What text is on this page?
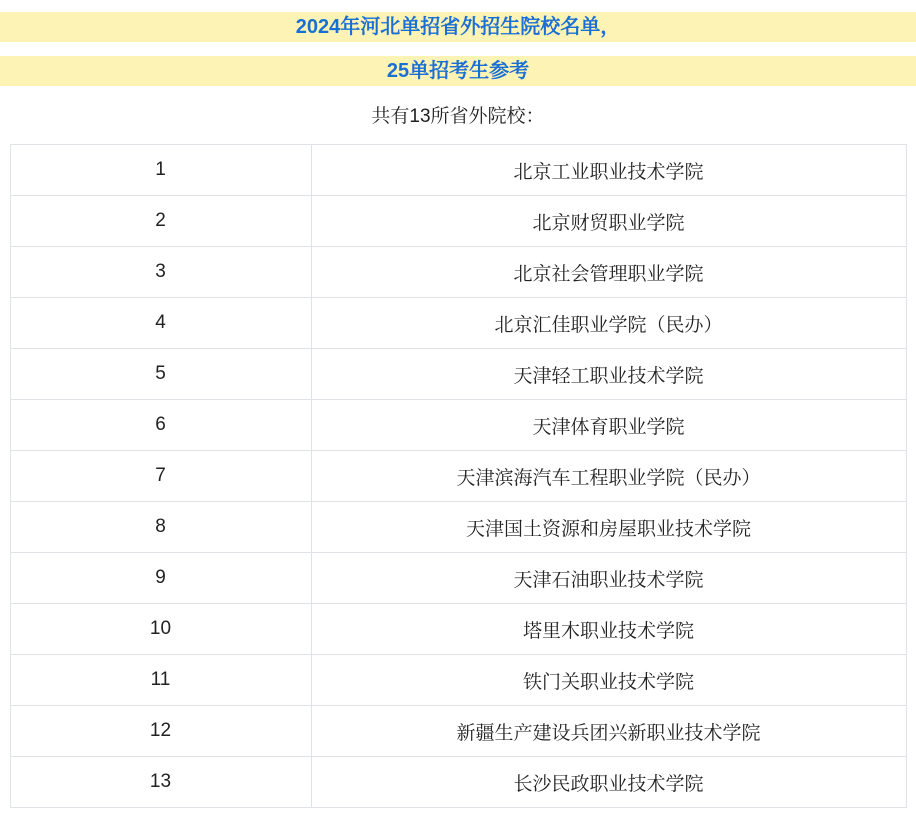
2024年河北单招省外招生院校名单，
25单招考生参考
共有13所省外院校：
1	北京工业职业技术学院
2	北京财贸职业学院
3	北京社会管理职业学院
4	北京汇佳职业学院（民办）
5	天津轻工职业技术学院
6	天津体育职业学院
7	天津滨海汽车工程职业学院（民办）
8	天津国土资源和房屋职业技术学院
9	天津石油职业技术学院
10	塔里木职业技术学院
11	铁门关职业技术学院
12	新疆生产建设兵团兴新职业技术学院
13	长沙民政职业技术学院
